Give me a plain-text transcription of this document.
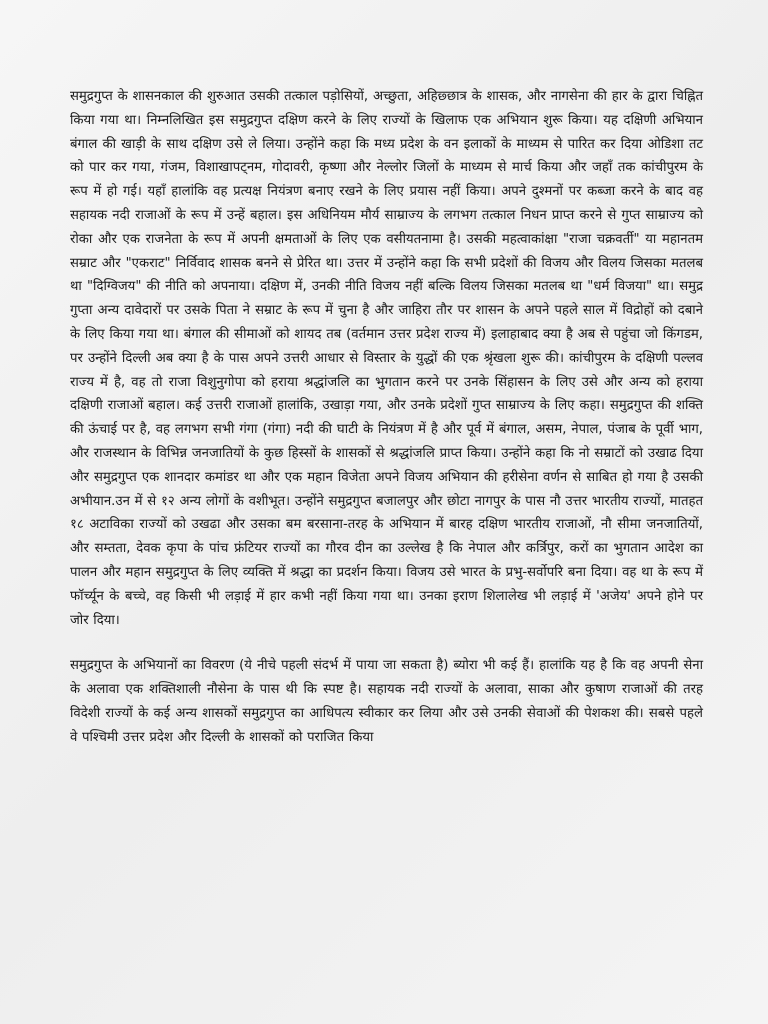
समुद्रगुप्त के शासनकाल की शुरुआत उसकी तत्काल पड़ोसियों, अच्छुता, अहिछ्छात्र के शासक, और नागसेना की हार के द्वारा चिह्नित किया गया था। निम्नलिखित इस समुद्रगुप्त दक्षिण करने के लिए राज्यों के खिलाफ एक अभियान शुरू किया। यह दक्षिणी अभियान बंगाल की खाड़ी के साथ दक्षिण उसे ले लिया। उन्होंने कहा कि मध्य प्रदेश के वन इलाकों के माध्यम से पारित कर दिया ओडिशा तट को पार कर गया, गंजम, विशाखापट्नम, गोदावरी, कृष्णा और नेल्लोर जिलों के माध्यम से मार्च किया और जहाँ तक कांचीपुरम के रूप में हो गई। यहाँ हालांकि वह प्रत्यक्ष नियंत्रण बनाए रखने के लिए प्रयास नहीं किया। अपने दुश्मनों पर कब्जा करने के बाद वह सहायक नदी राजाओं के रूप में उन्हें बहाल। इस अधिनियम मौर्य साम्राज्य के लगभग तत्काल निधन प्राप्त करने से गुप्त साम्राज्य को रोका और एक राजनेता के रूप में अपनी क्षमताओं के लिए एक वसीयतनामा है। उसकी महत्वाकांक्षा "राजा चक्रवर्ती" या महानतम सम्राट और "एकराट" निर्विवाद शासक बनने से प्रेरित था। उत्तर में उन्होंने कहा कि सभी प्रदेशों की विजय और विलय जिसका मतलब था "दिग्विजय" की नीति को अपनाया। दक्षिण में, उनकी नीति विजय नहीं बल्कि विलय जिसका मतलब था "धर्म विजया" था। समुद्र गुप्ता अन्य दावेदारों पर उसके पिता ने सम्राट के रूप में चुना है और जाहिरा तौर पर शासन के अपने पहले साल में विद्रोहों को दबाने के लिए किया गया था। बंगाल की सीमाओं को शायद तब (वर्तमान उत्तर प्रदेश राज्य में) इलाहाबाद क्या है अब से पहुंचा जो किंगडम, पर उन्होंने दिल्ली अब क्या है के पास अपने उत्तरी आधार से विस्तार के युद्धों की एक श्रृंखला शुरू की। कांचीपुरम के दक्षिणी पल्लव राज्य में है, वह तो राजा विशुनुगोपा को हराया श्रद्धांजलि का भुगतान करने पर उनके सिंहासन के लिए उसे और अन्य को हराया दक्षिणी राजाओं बहाल। कई उत्तरी राजाओं हालांकि, उखाड़ा गया, और उनके प्रदेशों गुप्त साम्राज्य के लिए कहा। समुद्रगुप्त की शक्ति की ऊंचाई पर है, वह लगभग सभी गंगा (गंगा) नदी की घाटी के नियंत्रण में है और पूर्व में बंगाल, असम, नेपाल, पंजाब के पूर्वी भाग, और राजस्थान के विभिन्न जनजातियों के कुछ हिस्सों के शासकों से श्रद्धांजलि प्राप्त किया। उन्होंने कहा कि नो सम्राटों को उखाढ दिया और समुद्रगुप्त एक शानदार कमांडर था और एक महान विजेता अपने विजय अभियान की हरीसेना वर्णन से साबित हो गया है उसकी अभीयान.उन में से १२ अन्य लोगों के वशीभूत। उन्होंने समुद्रगुप्त बजालपुर और छोटा नागपुर के पास नौ उत्तर भारतीय राज्यों, मातहत १८ अटाविका राज्यों को उखढा और उसका बम बरसाना-तरह के अभियान में बारह दक्षिण भारतीय राजाओं, नौ सीमा जनजातियों, और सम्तता, देवक कृपा के पांच फ्रंटियर राज्यों का गौरव दीन का उल्लेख है कि नेपाल और कर्त्रिपुर, करों का भुगतान आदेश का पालन और महान समुद्रगुप्त के लिए व्यक्ति में श्रद्धा का प्रदर्शन किया। विजय उसे भारत के प्रभु-सर्वोपरि बना दिया। वह था के रूप में फॉर्च्यून के बच्चे, वह किसी भी लड़ाई में हार कभी नहीं किया गया था। उनका इराण शिलालेख भी लड़ाई में 'अजेय' अपने होने पर जोर दिया।

समुद्रगुप्त के अभियानों का विवरण (ये नीचे पहली संदर्भ में पाया जा सकता है) ब्योरा भी कई हैं। हालांकि यह है कि वह अपनी सेना के अलावा एक शक्तिशाली नौसेना के पास थी कि स्पष्ट है। सहायक नदी राज्यों के अलावा, साका और कुषाण राजाओं की तरह विदेशी राज्यों के कई अन्य शासकों समुद्रगुप्त का आधिपत्य स्वीकार कर लिया और उसे उनकी सेवाओं की पेशकश की। सबसे पहले वे पश्चिमी उत्तर प्रदेश और दिल्ली के शासकों को पराजित किया
